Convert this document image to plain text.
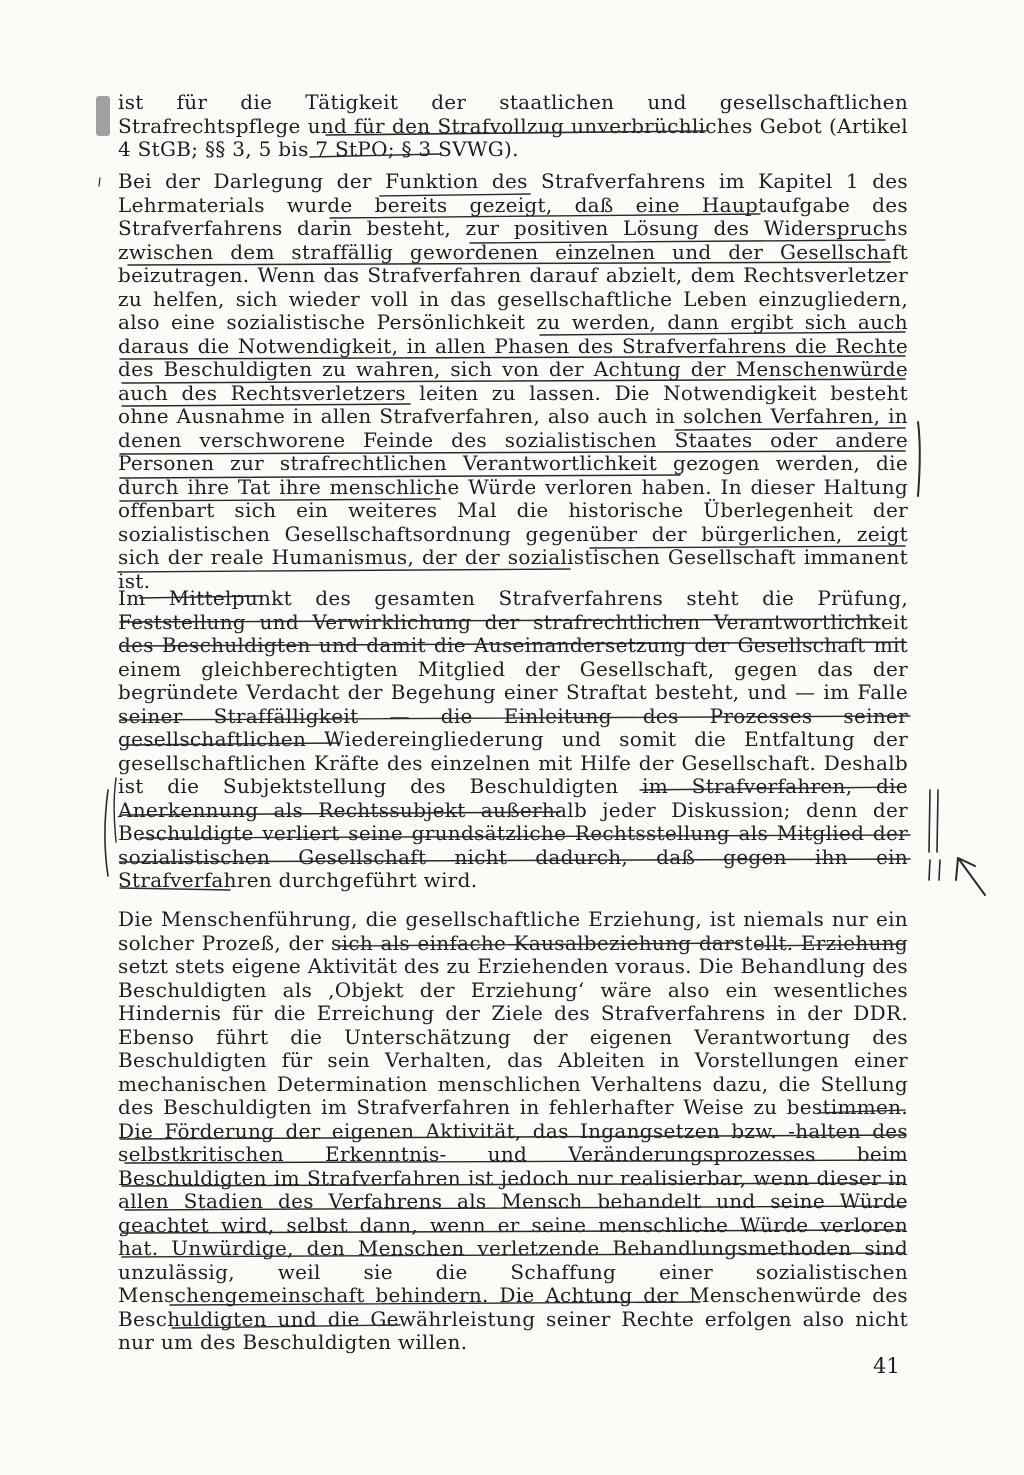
ist für die Tätigkeit der staatlichen und gesellschaftlichen Strafrechtspflege und für den Strafvollzug unverbrüchliches Gebot (Artikel 4 StGB; §§ 3, 5 bis 7 StPO; § 3 SVWG).

Bei der Darlegung der Funktion des Strafverfahrens im Kapitel 1 des Lehrmaterials wurde bereits gezeigt, daß eine Hauptaufgabe des Strafverfahrens darin besteht, zur positiven Lösung des Widerspruchs zwischen dem straffällig gewordenen einzelnen und der Gesellschaft beizutragen. Wenn das Strafverfahren darauf abzielt, dem Rechtsverletzer zu helfen, sich wieder voll in das gesellschaftliche Leben einzugliedern, also eine sozialistische Persönlichkeit zu werden, dann ergibt sich auch daraus die Notwendigkeit, in allen Phasen des Strafverfahrens die Rechte des Beschuldigten zu wahren, sich von der Achtung der Menschenwürde auch des Rechtsverletzers leiten zu lassen. Die Notwendigkeit besteht ohne Ausnahme in allen Strafverfahren, also auch in solchen Verfahren, in denen verschworene Feinde des sozialistischen Staates oder andere Personen zur strafrechtlichen Verantwortlichkeit gezogen werden, die durch ihre Tat ihre menschliche Würde verloren haben. In dieser Haltung offenbart sich ein weiteres Mal die historische Überlegenheit der sozialistischen Gesellschaftsordnung gegenüber der bürgerlichen, zeigt sich der reale Humanismus, der der sozialistischen Gesellschaft immanent ist.

Im Mittelpunkt des gesamten Strafverfahrens steht die Prüfung, Feststellung und Verwirklichung der strafrechtlichen Verantwortlichkeit des Beschuldigten und damit die Auseinandersetzung der Gesellschaft mit einem gleichberechtigten Mitglied der Gesellschaft, gegen das der begründete Verdacht der Begehung einer Straftat besteht, und — im Falle seiner Straffälligkeit — die Einleitung des Prozesses seiner gesellschaftlichen Wiedereingliederung und somit die Entfaltung der gesellschaftlichen Kräfte des einzelnen mit Hilfe der Gesellschaft. Deshalb ist die Subjektstellung des Beschuldigten im Strafverfahren, die Anerkennung als Rechtssubjekt außerhalb jeder Diskussion; denn der Beschuldigte verliert seine grundsätzliche Rechtsstellung als Mitglied der sozialistischen Gesellschaft nicht dadurch, daß gegen ihn ein Strafverfahren durchgeführt wird.

Die Menschenführung, die gesellschaftliche Erziehung, ist niemals nur ein solcher Prozeß, der sich als einfache Kausalbeziehung darstellt. Erziehung setzt stets eigene Aktivität des zu Erziehenden voraus. Die Behandlung des Beschuldigten als ‚Objekt der Erziehung‘ wäre also ein wesentliches Hindernis für die Erreichung der Ziele des Strafverfahrens in der DDR. Ebenso führt die Unterschätzung der eigenen Verantwortung des Beschuldigten für sein Verhalten, das Ableiten in Vorstellungen einer mechanischen Determination menschlichen Verhaltens dazu, die Stellung des Beschuldigten im Strafverfahren in fehlerhafter Weise zu bestimmen. Die Förderung der eigenen Aktivität, das Ingangsetzen bzw. -halten des selbstkritischen Erkenntnis- und Veränderungsprozesses beim Beschuldigten im Strafverfahren ist jedoch nur realisierbar, wenn dieser in allen Stadien des Verfahrens als Mensch behandelt und seine Würde geachtet wird, selbst dann, wenn er seine menschliche Würde verloren hat. Unwürdige, den Menschen verletzende Behandlungsmethoden sind unzulässig, weil sie die Schaffung einer sozialistischen Menschengemeinschaft behindern. Die Achtung der Menschenwürde des Beschuldigten und die Gewährleistung seiner Rechte erfolgen also nicht nur um des Beschuldigten willen.

41
